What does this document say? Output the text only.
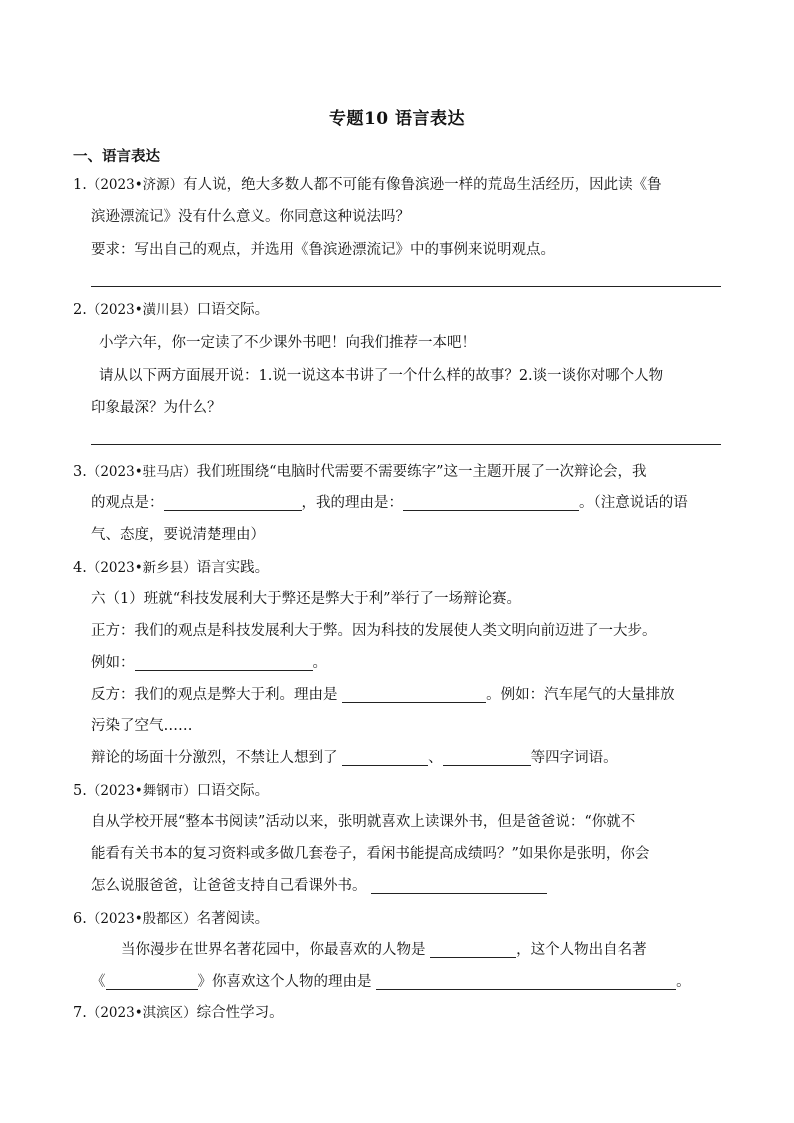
专题10 语言表达
一、语言表达
1.（2023•济源）有人说，绝大多数人都不可能有像鲁滨逊一样的荒岛生活经历，因此读《鲁
滨逊漂流记》没有什么意义。你同意这种说法吗？
要求：写出自己的观点，并选用《鲁滨逊漂流记》中的事例来说明观点。
2.（2023•潢川县）口语交际。
小学六年，你一定读了不少课外书吧！向我们推荐一本吧！
请从以下两方面展开说：1.说一说这本书讲了一个什么样的故事？2.谈一谈你对哪个人物
印象最深？为什么？
3.（2023•驻马店）我们班围绕“电脑时代需要不需要练字”这一主题开展了一次辩论会，我
的观点是：	，我的理由是：	。（注意说话的语
气、态度，要说清楚理由）
4.（2023•新乡县）语言实践。
六（1）班就“科技发展利大于弊还是弊大于利”举行了一场辩论赛。
正方：我们的观点是科技发展利大于弊。因为科技的发展使人类文明向前迈进了一大步。
例如：	。
反方：我们的观点是弊大于利。理由是	。例如：汽车尾气的大量排放
污染了空气……
辩论的场面十分激烈，不禁让人想到了	、	等四字词语。
5.（2023•舞钢市）口语交际。
自从学校开展“整本书阅读”活动以来，张明就喜欢上读课外书，但是爸爸说：“你就不
能看有关书本的复习资料或多做几套卷子，看闲书能提高成绩吗？”如果你是张明，你会
怎么说服爸爸，让爸爸支持自己看课外书。
6.（2023•殷都区）名著阅读。
当你漫步在世界名著花园中，你最喜欢的人物是	，这个人物出自名著
《	》你喜欢这个人物的理由是	。
7.（2023•淇滨区）综合性学习。
